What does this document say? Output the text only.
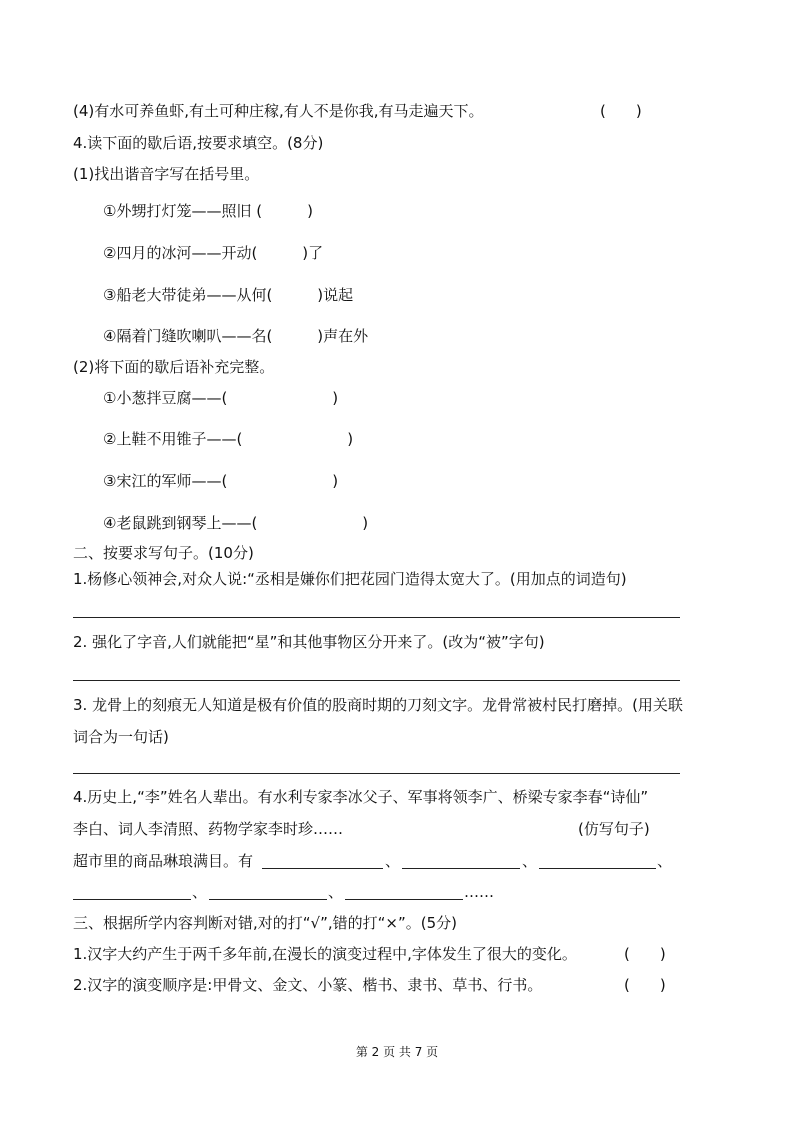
(4)有水可养鱼虾,有土可种庄稼,有人不是你我,有马走遍天下。	(　　)
4.读下面的歇后语,按要求填空。(8分)
(1)找出谐音字写在括号里。
①外甥打灯笼——照旧 (　　　)
②四月的冰河——开动(　　　)了
③船老大带徒弟——从何(　　　)说起
④隔着门缝吹喇叭——名(　　　)声在外
(2)将下面的歇后语补充完整。
①小葱拌豆腐——(　　　　　　　)
②上鞋不用锥子——(　　　　　　　)
③宋江的军师——(　　　　　　　)
④老鼠跳到钢琴上——(　　　　　　　)
二、按要求写句子。(10分)
1.杨修心领神会,对众人说:“丞相是嫌你们把花园门造得太宽大了。(用加点的词造句)
2. 强化了字音,人们就能把“星”和其他事物区分开来了。(改为“被”字句)
3. 龙骨上的刻痕无人知道是极有价值的股商时期的刀刻文字。龙骨常被村民打磨掉。(用关联
词合为一句话)
4.历史上,“李”姓名人辈出。有水利专家李冰父子、军事将领李广、桥梁专家李春“诗仙”
李白、词人李清照、药物学家李时珍……	(仿写句子)
超市里的商品琳琅满目。有	、	、	、
、	、	……
三、根据所学内容判断对错,对的打“√”,错的打“×”。(5分)
1.汉字大约产生于两千多年前,在漫长的演变过程中,字体发生了很大的变化。	(　　)
2.汉字的演变顺序是:甲骨文、金文、小篆、楷书、隶书、草书、行书。	(　　)
第 2 页 共 7 页
